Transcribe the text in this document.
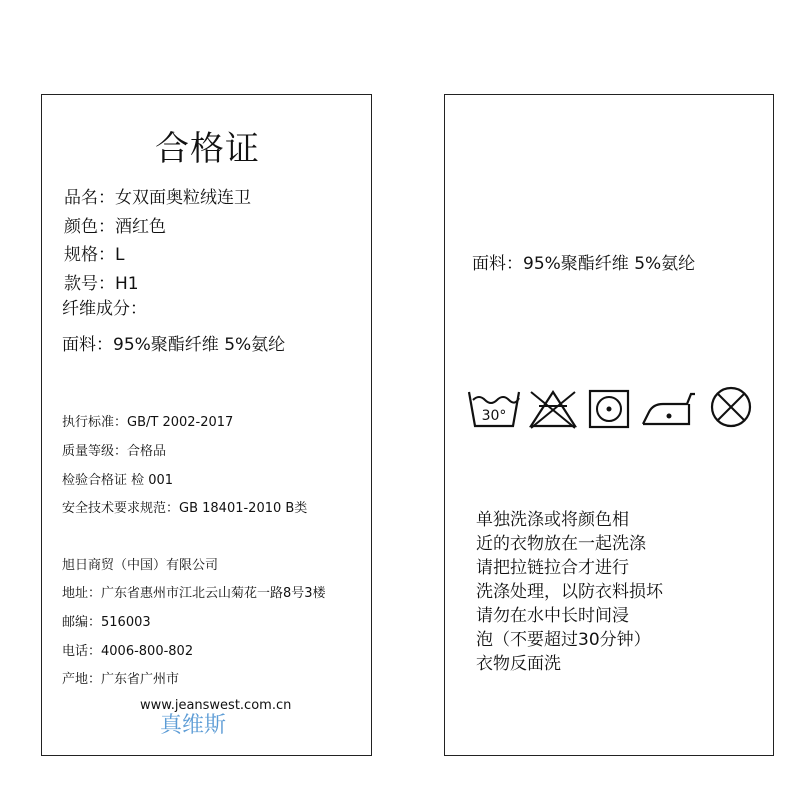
合格证
品名：女双面奥粒绒连卫
颜色：酒红色
规格：L
款号：H1
纤维成分：
面料：95%聚酯纤维 5%氨纶
执行标准：GB/T 2002-2017
质量等级：合格品
检验合格证 检 001
安全技术要求规范：GB 18401-2010 B类
旭日商贸（中国）有限公司
地址：广东省惠州市江北云山菊花一路8号3楼
邮编：516003
电话：4006-800-802
产地：广东省广州市
www.jeanswest.com.cn
真维斯
面料：95%聚酯纤维 5%氨纶
30°
单独洗涤或将颜色相
近的衣物放在一起洗涤
请把拉链拉合才进行
洗涤处理，以防衣料损坏
请勿在水中长时间浸
泡（不要超过30分钟）
衣物反面洗
